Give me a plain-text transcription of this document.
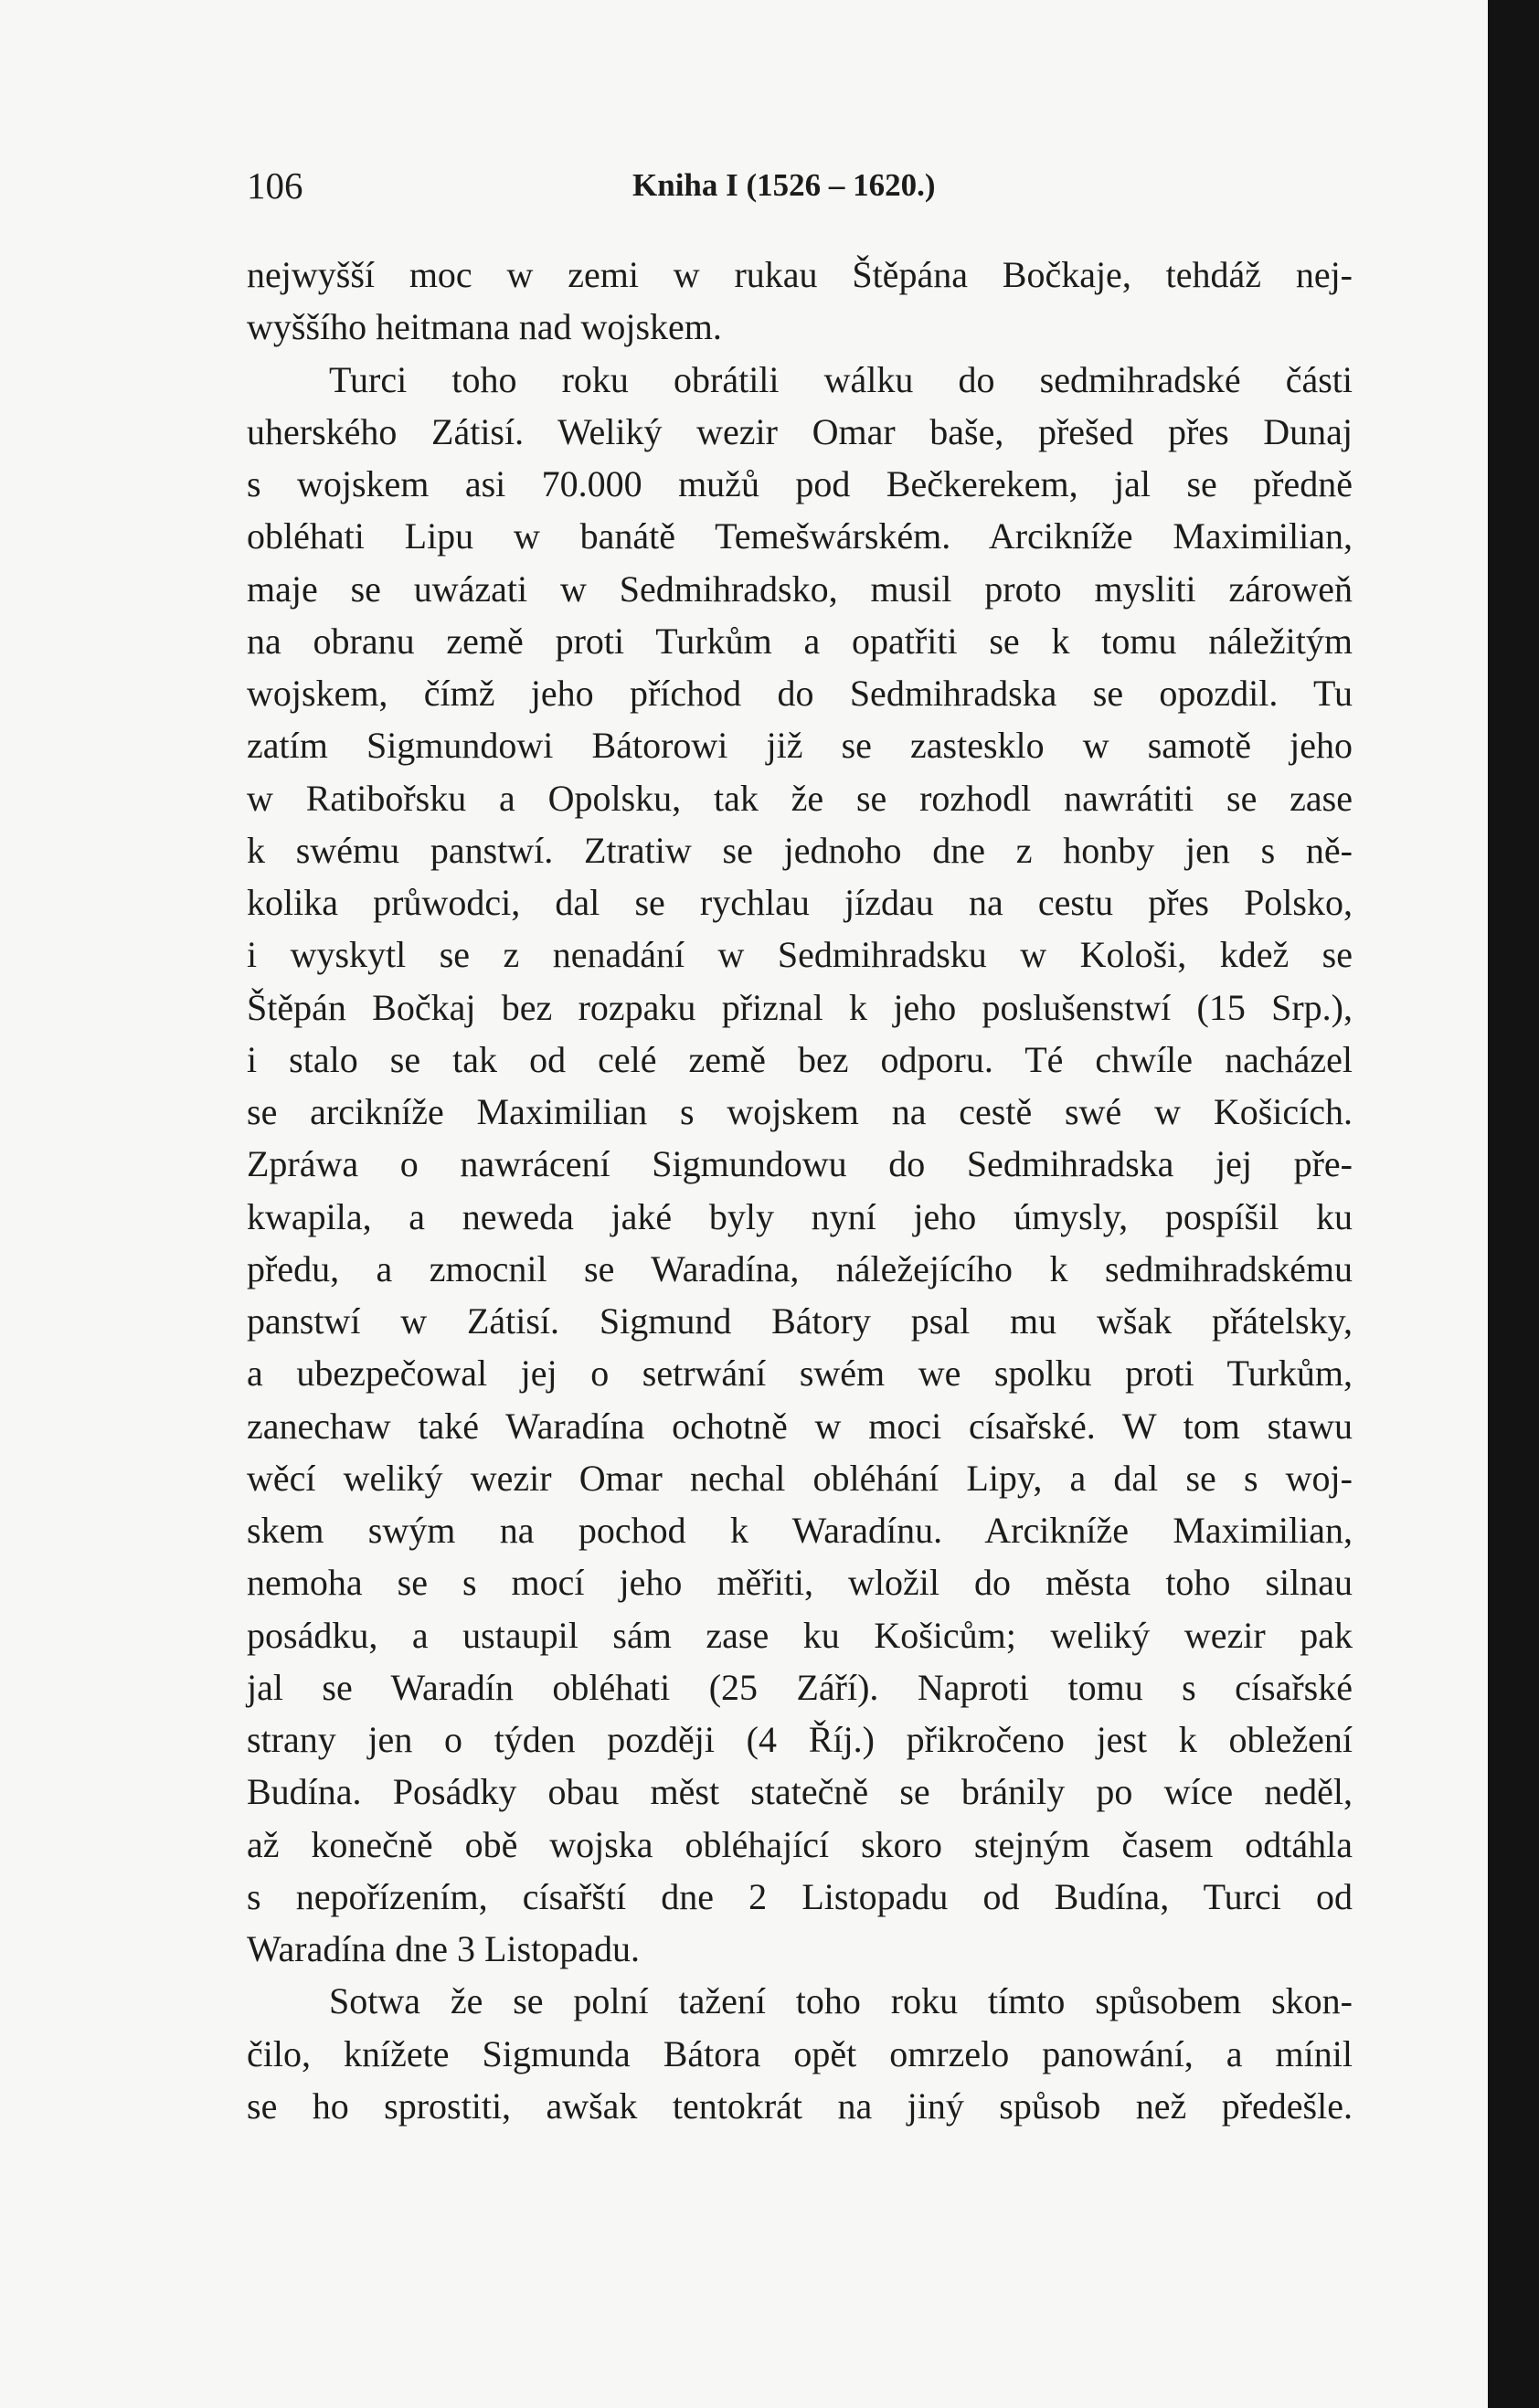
106	Kniha I (1526 – 1620.)

nejwyšší moc w zemi w rukau Štěpána Bočkaje, tehdáž nej-
wyššího heitmana nad wojskem.

Turci toho roku obrátili wálku do sedmihradské části
uherského Zátisí. Weliký wezir Omar baše, přešed přes Dunaj
s wojskem asi 70.000 mužů pod Bečkerekem, jal se předně
obléhati Lipu w banátě Temešwárském. Arcikníže Maximilian,
maje se uwázati w Sedmihradsko, musil proto mysliti zároweň
na obranu země proti Turkům a opatřiti se k tomu náležitým
wojskem, čímž jeho příchod do Sedmihradska se opozdil. Tu
zatím Sigmundowi Bátorowi již se zastesklo w samotě jeho
w Ratibořsku a Opolsku, tak že se rozhodl nawrátiti se zase
k swému panstwí. Ztratiw se jednoho dne z honby jen s ně-
kolika průwodci, dal se rychlau jízdau na cestu přes Polsko,
i wyskytl se z nenadání w Sedmihradsku w Kološi, kdež se
Štěpán Bočkaj bez rozpaku přiznal k jeho poslušenstwí (15 Srp.),
i stalo se tak od celé země bez odporu. Té chwíle nacházel
se arcikníže Maximilian s wojskem na cestě swé w Košicích.
Zpráwa o nawrácení Sigmundowu do Sedmihradska jej pře-
kwapila, a neweda jaké byly nyní jeho úmysly, pospíšil ku
předu, a zmocnil se Waradína, náležejícího k sedmihradskému
panstwí w Zátisí. Sigmund Bátory psal mu wšak přátelsky,
a ubezpečowal jej o setrwání swém we spolku proti Turkům,
zanechaw také Waradína ochotně w moci císařské. W tom stawu
wěcí weliký wezir Omar nechal obléhání Lipy, a dal se s woj-
skem swým na pochod k Waradínu. Arcikníže Maximilian,
nemoha se s mocí jeho měřiti, wložil do města toho silnau
posádku, a ustaupil sám zase ku Košicům; weliký wezir pak
jal se Waradín obléhati (25 Září). Naproti tomu s císařské
strany jen o týden později (4 Říj.) přikročeno jest k obležení
Budína. Posádky obau měst statečně se bránily po wíce neděl,
až konečně obě wojska obléhající skoro stejným časem odtáhla
s nepořízením, císařští dne 2 Listopadu od Budína, Turci od
Waradína dne 3 Listopadu.

Sotwa že se polní tažení toho roku tímto spůsobem skon-
čilo, knížete Sigmunda Bátora opět omrzelo panowání, a mínil
se ho sprostiti, awšak tentokrát na jiný spůsob než předešle.
